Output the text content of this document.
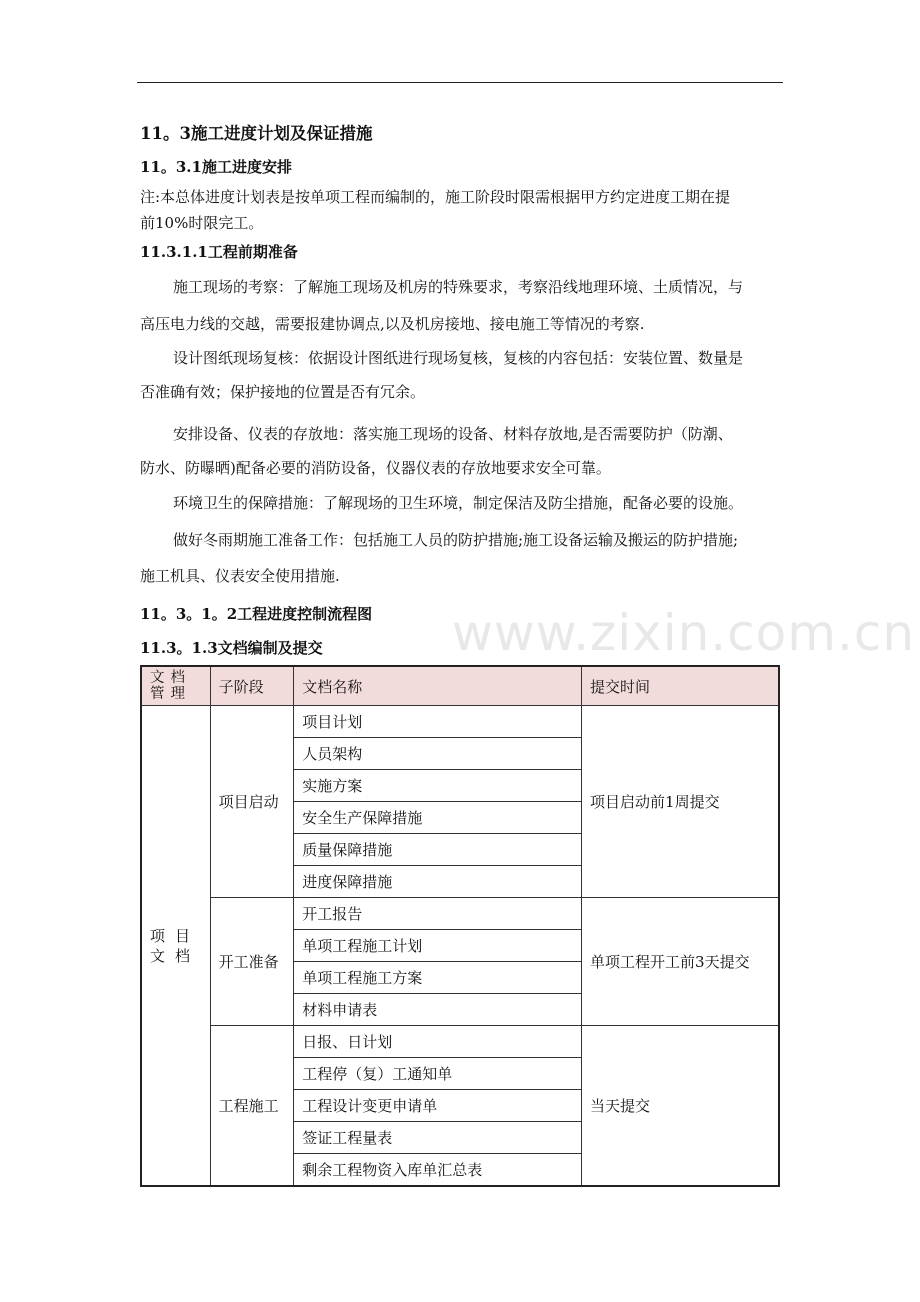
11。3施工进度计划及保证措施
11。3.1施工进度安排
注:本总体进度计划表是按单项工程而编制的，施工阶段时限需根据甲方约定进度工期在提
前10%时限完工。
11.3.1.1工程前期准备
施工现场的考察：了解施工现场及机房的特殊要求，考察沿线地理环境、土质情况，与
高压电力线的交越，需要报建协调点,以及机房接地、接电施工等情况的考察.
设计图纸现场复核：依据设计图纸进行现场复核，复核的内容包括：安装位置、数量是
否准确有效；保护接地的位置是否有冗余。
安排设备、仪表的存放地：落实施工现场的设备、材料存放地,是否需要防护（防潮、
防水、防曝晒)配备必要的消防设备，仪器仪表的存放地要求安全可靠。
环境卫生的保障措施：了解现场的卫生环境，制定保洁及防尘措施，配备必要的设施。
做好冬雨期施工准备工作：包括施工人员的防护措施;施工设备运输及搬运的防护措施;
施工机具、仪表安全使用措施.
11。3。1。2工程进度控制流程图
11.3。1.3文档编制及提交	www.zixin.com.cn
文档管理	子阶段	文档名称	提交时间
项目文档	项目启动	项目计划	项目启动前1周提交
		人员架构	
		实施方案	
		安全生产保障措施	
		质量保障措施	
		进度保障措施	
	开工准备	开工报告	单项工程开工前3天提交
		单项工程施工计划	
		单项工程施工方案	
		材料申请表	
	工程施工	日报、日计划	当天提交
		工程停（复）工通知单	
		工程设计变更申请单	
		签证工程量表	
		剩余工程物资入库单汇总表	
